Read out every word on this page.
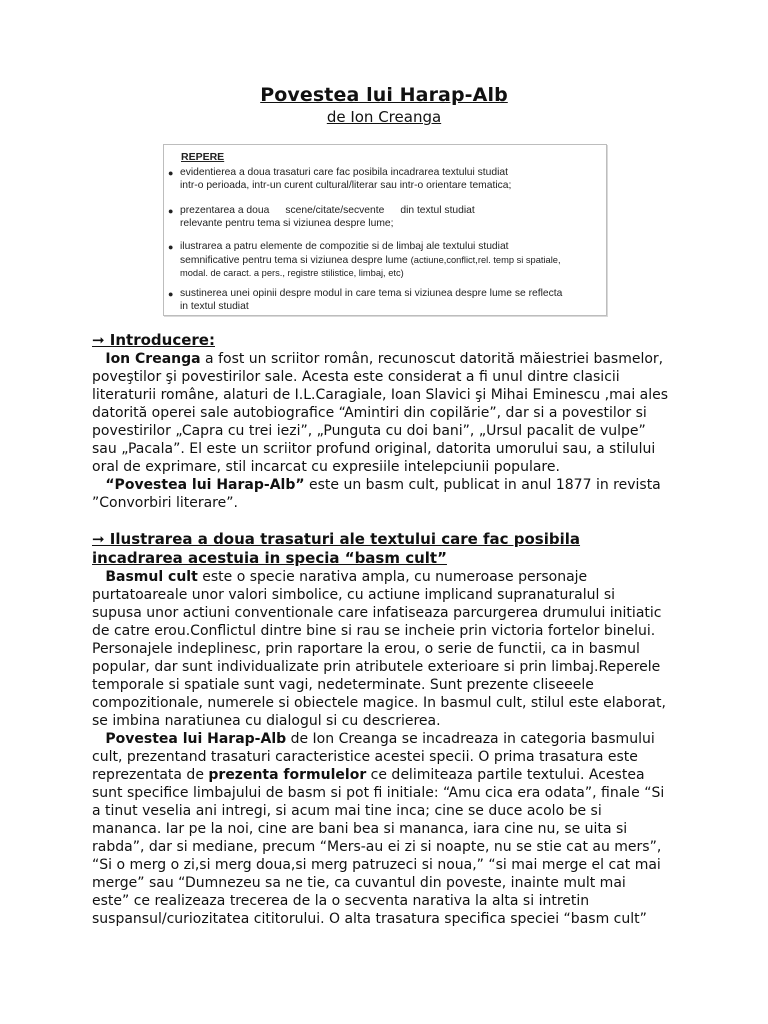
Povestea lui Harap-Alb
de Ion Creanga
REPERE
● evidentierea a doua trasaturi care fac posibila incadrarea textului studiat
intr-o perioada, intr-un curent cultural/literar sau intr-o orientare tematica;
● prezentarea a doua scene/citate/secvente din textul studiat
relevante pentru tema si viziunea despre lume;
● ilustrarea a patru elemente de compozitie si de limbaj ale textului studiat
semnificative pentru tema si viziunea despre lume (actiune,conflict,rel. temp si spatiale,
modal. de caract. a pers., registre stilistice, limbaj, etc)
● sustinerea unei opinii despre modul in care tema si viziunea despre lume se reflecta
in textul studiat
➞ Introducere:
Ion Creanga a fost un scriitor român, recunoscut datorită măiestriei basmelor,
poveştilor şi povestirilor sale. Acesta este considerat a fi unul dintre clasicii
literaturii române, alaturi de I.L.Caragiale, Ioan Slavici şi Mihai Eminescu ,mai ales
datorită operei sale autobiografice “Amintiri din copilărie”, dar si a povestilor si
povestirilor „Capra cu trei iezi”, „Punguta cu doi bani”, „Ursul pacalit de vulpe”
sau „Pacala”. El este un scriitor profund original, datorita umorului sau, a stilului
oral de exprimare, stil incarcat cu expresiile intelepciunii populare.
“Povestea lui Harap-Alb” este un basm cult, publicat in anul 1877 in revista
”Convorbiri literare”.
➞ Ilustrarea a doua trasaturi ale textului care fac posibila
incadrarea acestuia in specia “basm cult”
Basmul cult este o specie narativa ampla, cu numeroase personaje
purtatoareale unor valori simbolice, cu actiune implicand supranaturalul si
supusa unor actiuni conventionale care infatiseaza parcurgerea drumului initiatic
de catre erou.Conflictul dintre bine si rau se incheie prin victoria fortelor binelui.
Personajele indeplinesc, prin raportare la erou, o serie de functii, ca in basmul
popular, dar sunt individualizate prin atributele exterioare si prin limbaj.Reperele
temporale si spatiale sunt vagi, nedeterminate. Sunt prezente cliseeele
compozitionale, numerele si obiectele magice. In basmul cult, stilul este elaborat,
se imbina naratiunea cu dialogul si cu descrierea.
Povestea lui Harap-Alb de Ion Creanga se incadreaza in categoria basmului
cult, prezentand trasaturi caracteristice acestei specii. O prima trasatura este
reprezentata de prezenta formulelor ce delimiteaza partile textului. Acestea
sunt specifice limbajului de basm si pot fi initiale: “Amu cica era odata”, finale “Si
a tinut veselia ani intregi, si acum mai tine inca; cine se duce acolo be si
mananca. Iar pe la noi, cine are bani bea si mananca, iara cine nu, se uita si
rabda”, dar si mediane, precum “Mers-au ei zi si noapte, nu se stie cat au mers”,
“Si o merg o zi,si merg doua,si merg patruzeci si noua,” “si mai merge el cat mai
merge” sau “Dumnezeu sa ne tie, ca cuvantul din poveste, inainte mult mai
este” ce realizeaza trecerea de la o secventa narativa la alta si intretin
suspansul/curiozitatea cititorului. O alta trasatura specifica speciei “basm cult”
